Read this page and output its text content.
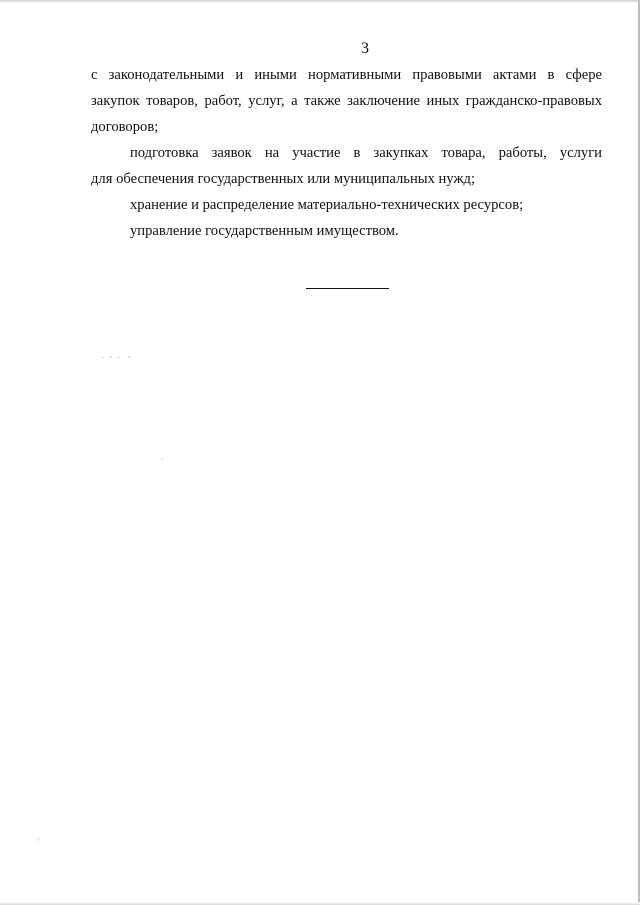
3

с законодательными и иными нормативными правовыми актами в сфере
закупок товаров, работ, услуг, а также заключение иных гражданско-правовых
договоров;

подготовка заявок на участие в закупках товара, работы, услуги
для обеспечения государственных или муниципальных нужд;

хранение и распределение материально-технических ресурсов;

управление государственным имуществом.
